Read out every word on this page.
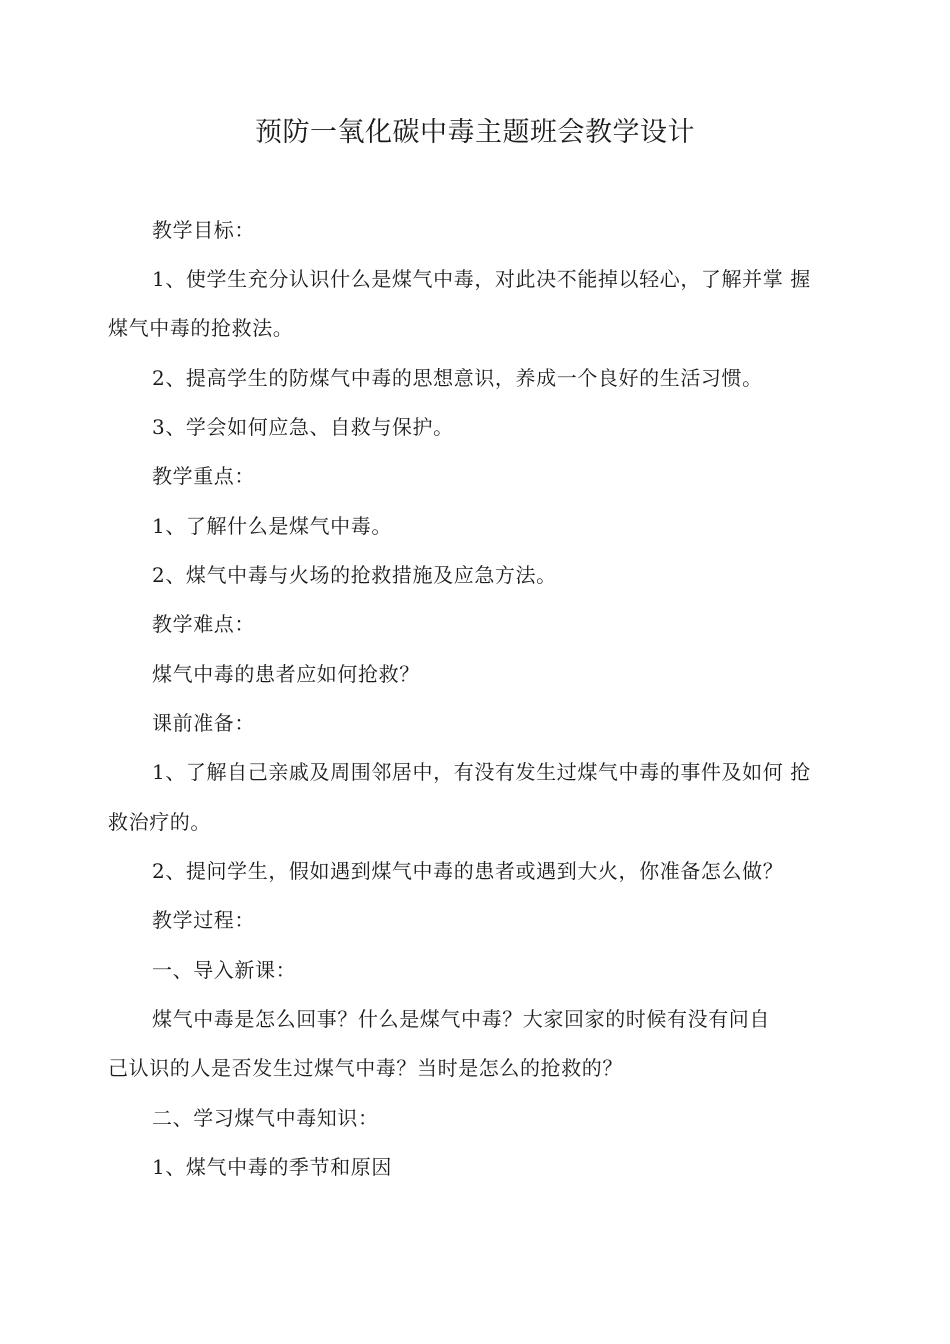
预防一氧化碳中毒主题班会教学设计
教学目标：
1、使学生充分认识什么是煤气中毒，对此决不能掉以轻心，了解并掌 握
煤气中毒的抢救法。
2、提高学生的防煤气中毒的思想意识，养成一个良好的生活习惯。
3、学会如何应急、自救与保护。
教学重点：
1、了解什么是煤气中毒。
2、煤气中毒与火场的抢救措施及应急方法。
教学难点：
煤气中毒的患者应如何抢救？
课前准备：
1、了解自己亲戚及周围邻居中，有没有发生过煤气中毒的事件及如何 抢
救治疗的。
2、提问学生，假如遇到煤气中毒的患者或遇到大火，你准备怎么做？
教学过程：
一、导入新课：
煤气中毒是怎么回事？什么是煤气中毒？大家回家的时候有没有问自
己认识的人是否发生过煤气中毒？当时是怎么的抢救的？
二、学习煤气中毒知识：
1、煤气中毒的季节和原因
